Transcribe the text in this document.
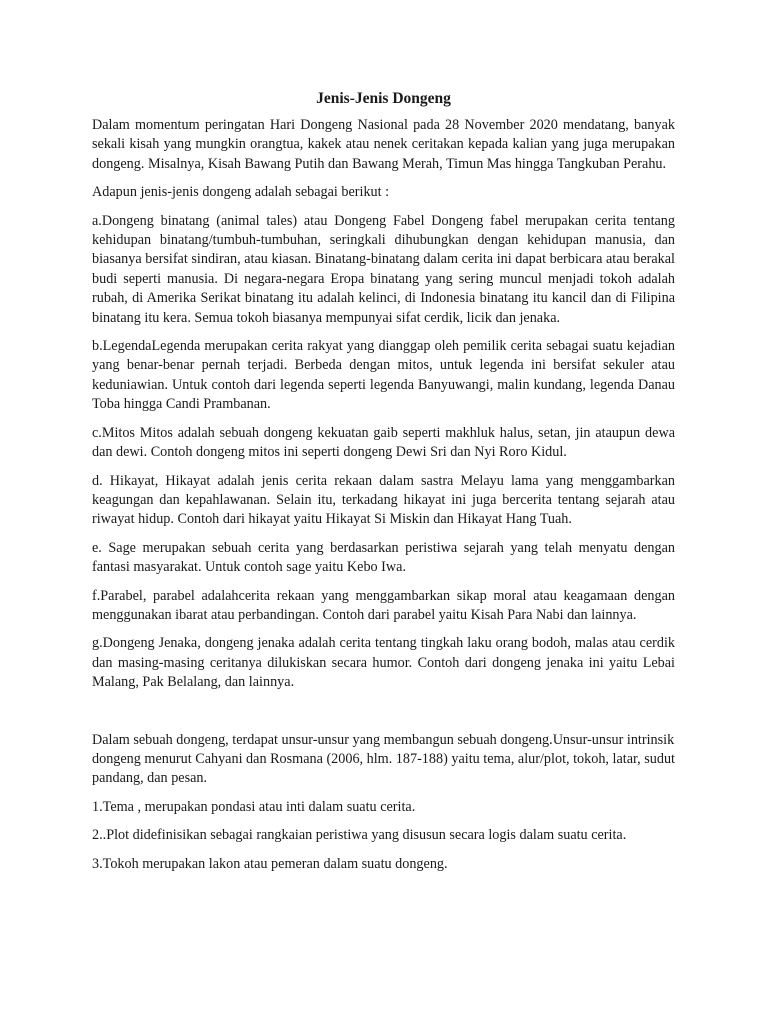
Jenis-Jenis Dongeng

Dalam momentum peringatan Hari Dongeng Nasional pada 28 November 2020 mendatang, banyak sekali kisah yang mungkin orangtua, kakek atau nenek ceritakan kepada kalian yang juga merupakan dongeng. Misalnya, Kisah Bawang Putih dan Bawang Merah, Timun Mas hingga Tangkuban Perahu.

Adapun jenis-jenis dongeng adalah sebagai berikut :

a.Dongeng binatang (animal tales) atau Dongeng Fabel Dongeng fabel merupakan cerita tentang kehidupan binatang/tumbuh-tumbuhan, seringkali dihubungkan dengan kehidupan manusia, dan biasanya bersifat sindiran, atau kiasan. Binatang-binatang dalam cerita ini dapat berbicara atau berakal budi seperti manusia. Di negara-negara Eropa binatang yang sering muncul menjadi tokoh adalah rubah, di Amerika Serikat binatang itu adalah kelinci, di Indonesia binatang itu kancil dan di Filipina binatang itu kera. Semua tokoh biasanya mempunyai sifat cerdik, licik dan jenaka.

b.LegendaLegenda merupakan cerita rakyat yang dianggap oleh pemilik cerita sebagai suatu kejadian yang benar-benar pernah terjadi. Berbeda dengan mitos, untuk legenda ini bersifat sekuler atau keduniawian. Untuk contoh dari legenda seperti legenda Banyuwangi, malin kundang, legenda Danau Toba hingga Candi Prambanan.

c.Mitos Mitos adalah sebuah dongeng kekuatan gaib seperti makhluk halus, setan, jin ataupun dewa dan dewi. Contoh dongeng mitos ini seperti dongeng Dewi Sri dan Nyi Roro Kidul.

d. Hikayat, Hikayat adalah jenis cerita rekaan dalam sastra Melayu lama yang menggambarkan keagungan dan kepahlawanan. Selain itu, terkadang hikayat ini juga bercerita tentang sejarah atau riwayat hidup. Contoh dari hikayat yaitu Hikayat Si Miskin dan Hikayat Hang Tuah.

e. Sage merupakan sebuah cerita yang berdasarkan peristiwa sejarah yang telah menyatu dengan fantasi masyarakat. Untuk contoh sage yaitu Kebo Iwa.

f.Parabel, parabel adalahcerita rekaan yang menggambarkan sikap moral atau keagamaan dengan menggunakan ibarat atau perbandingan. Contoh dari parabel yaitu Kisah Para Nabi dan lainnya.

g.Dongeng Jenaka, dongeng jenaka adalah cerita tentang tingkah laku orang bodoh, malas atau cerdik dan masing-masing ceritanya dilukiskan secara humor. Contoh dari dongeng jenaka ini yaitu Lebai Malang, Pak Belalang, dan lainnya.

Dalam sebuah dongeng, terdapat unsur-unsur yang membangun sebuah dongeng.Unsur-unsur intrinsik dongeng menurut Cahyani dan Rosmana (2006, hlm. 187-188) yaitu tema, alur/plot, tokoh, latar, sudut pandang, dan pesan.

1.Tema , merupakan pondasi atau inti dalam suatu cerita.

2..Plot didefinisikan sebagai rangkaian peristiwa yang disusun secara logis dalam suatu cerita.

3.Tokoh merupakan lakon atau pemeran dalam suatu dongeng.
